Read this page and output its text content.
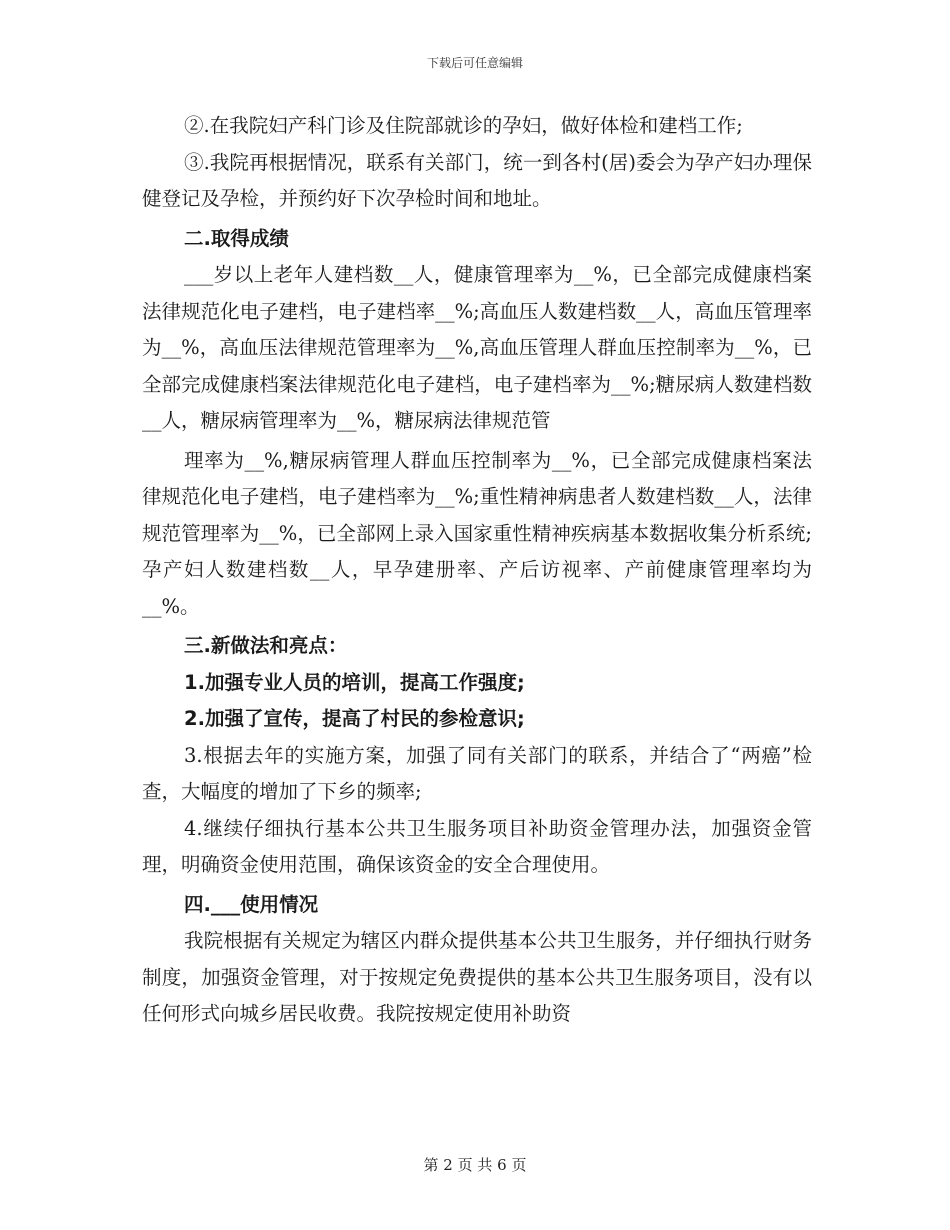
下载后可任意编辑

②.在我院妇产科门诊及住院部就诊的孕妇，做好体检和建档工作;

③.我院再根据情况，联系有关部门，统一到各村(居)委会为孕产妇办理保健登记及孕检，并预约好下次孕检时间和地址。

二.取得成绩

___岁以上老年人建档数__人，健康管理率为__%，已全部完成健康档案法律规范化电子建档，电子建档率__%;高血压人数建档数__人，高血压管理率为__%，高血压法律规范管理率为__%,高血压管理人群血压控制率为__%，已全部完成健康档案法律规范化电子建档，电子建档率为__%;糖尿病人数建档数__人，糖尿病管理率为__%，糖尿病法律规范管

理率为__%,糖尿病管理人群血压控制率为__%，已全部完成健康档案法律规范化电子建档，电子建档率为__%;重性精神病患者人数建档数__人，法律规范管理率为__%，已全部网上录入国家重性精神疾病基本数据收集分析系统;孕产妇人数建档数__人，早孕建册率、产后访视率、产前健康管理率均为__%。

三.新做法和亮点：

1.加强专业人员的培训，提高工作强度;

2.加强了宣传，提高了村民的参检意识;

3.根据去年的实施方案，加强了同有关部门的联系，并结合了“两癌”检查，大幅度的增加了下乡的频率;

4.继续仔细执行基本公共卫生服务项目补助资金管理办法，加强资金管理，明确资金使用范围，确保该资金的安全合理使用。

四.___使用情况

我院根据有关规定为辖区内群众提供基本公共卫生服务，并仔细执行财务制度，加强资金管理，对于按规定免费提供的基本公共卫生服务项目，没有以任何形式向城乡居民收费。我院按规定使用补助资

第 2 页 共 6 页
